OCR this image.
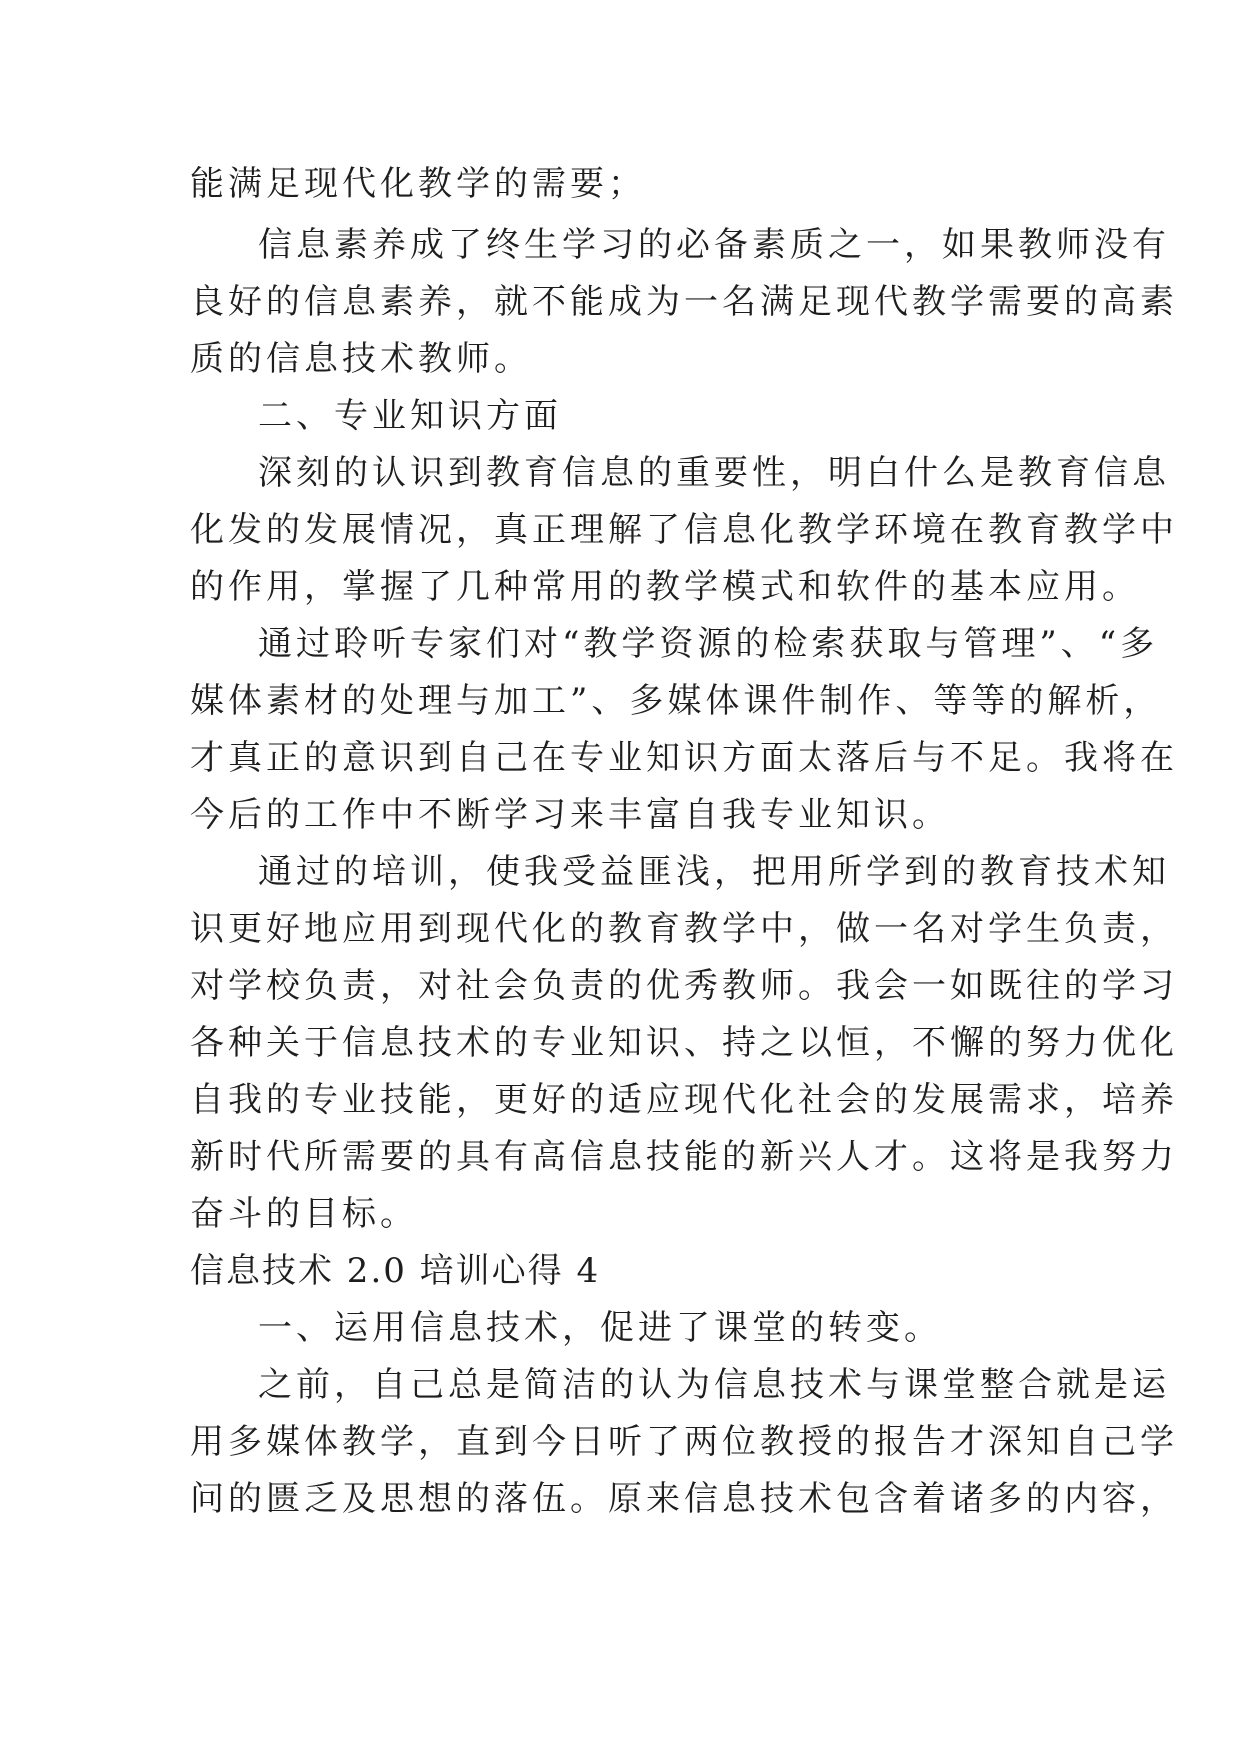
能满足现代化教学的需要；
信息素养成了终生学习的必备素质之一，如果教师没有
良好的信息素养，就不能成为一名满足现代教学需要的高素
质的信息技术教师。
二、专业知识方面
深刻的认识到教育信息的重要性，明白什么是教育信息
化发的发展情况，真正理解了信息化教学环境在教育教学中
的作用，掌握了几种常用的教学模式和软件的基本应用。
通过聆听专家们对“教学资源的检索获取与管理”、“多
媒体素材的处理与加工”、多媒体课件制作、等等的解析，
才真正的意识到自己在专业知识方面太落后与不足。我将在
今后的工作中不断学习来丰富自我专业知识。
通过的培训，使我受益匪浅，把用所学到的教育技术知
识更好地应用到现代化的教育教学中，做一名对学生负责，
对学校负责，对社会负责的优秀教师。我会一如既往的学习
各种关于信息技术的专业知识、持之以恒，不懈的努力优化
自我的专业技能，更好的适应现代化社会的发展需求，培养
新时代所需要的具有高信息技能的新兴人才。这将是我努力
奋斗的目标。
信息技术 2.0 培训心得 4
一、运用信息技术，促进了课堂的转变。
之前，自己总是简洁的认为信息技术与课堂整合就是运
用多媒体教学，直到今日听了两位教授的报告才深知自己学
问的匮乏及思想的落伍。原来信息技术包含着诸多的内容，
